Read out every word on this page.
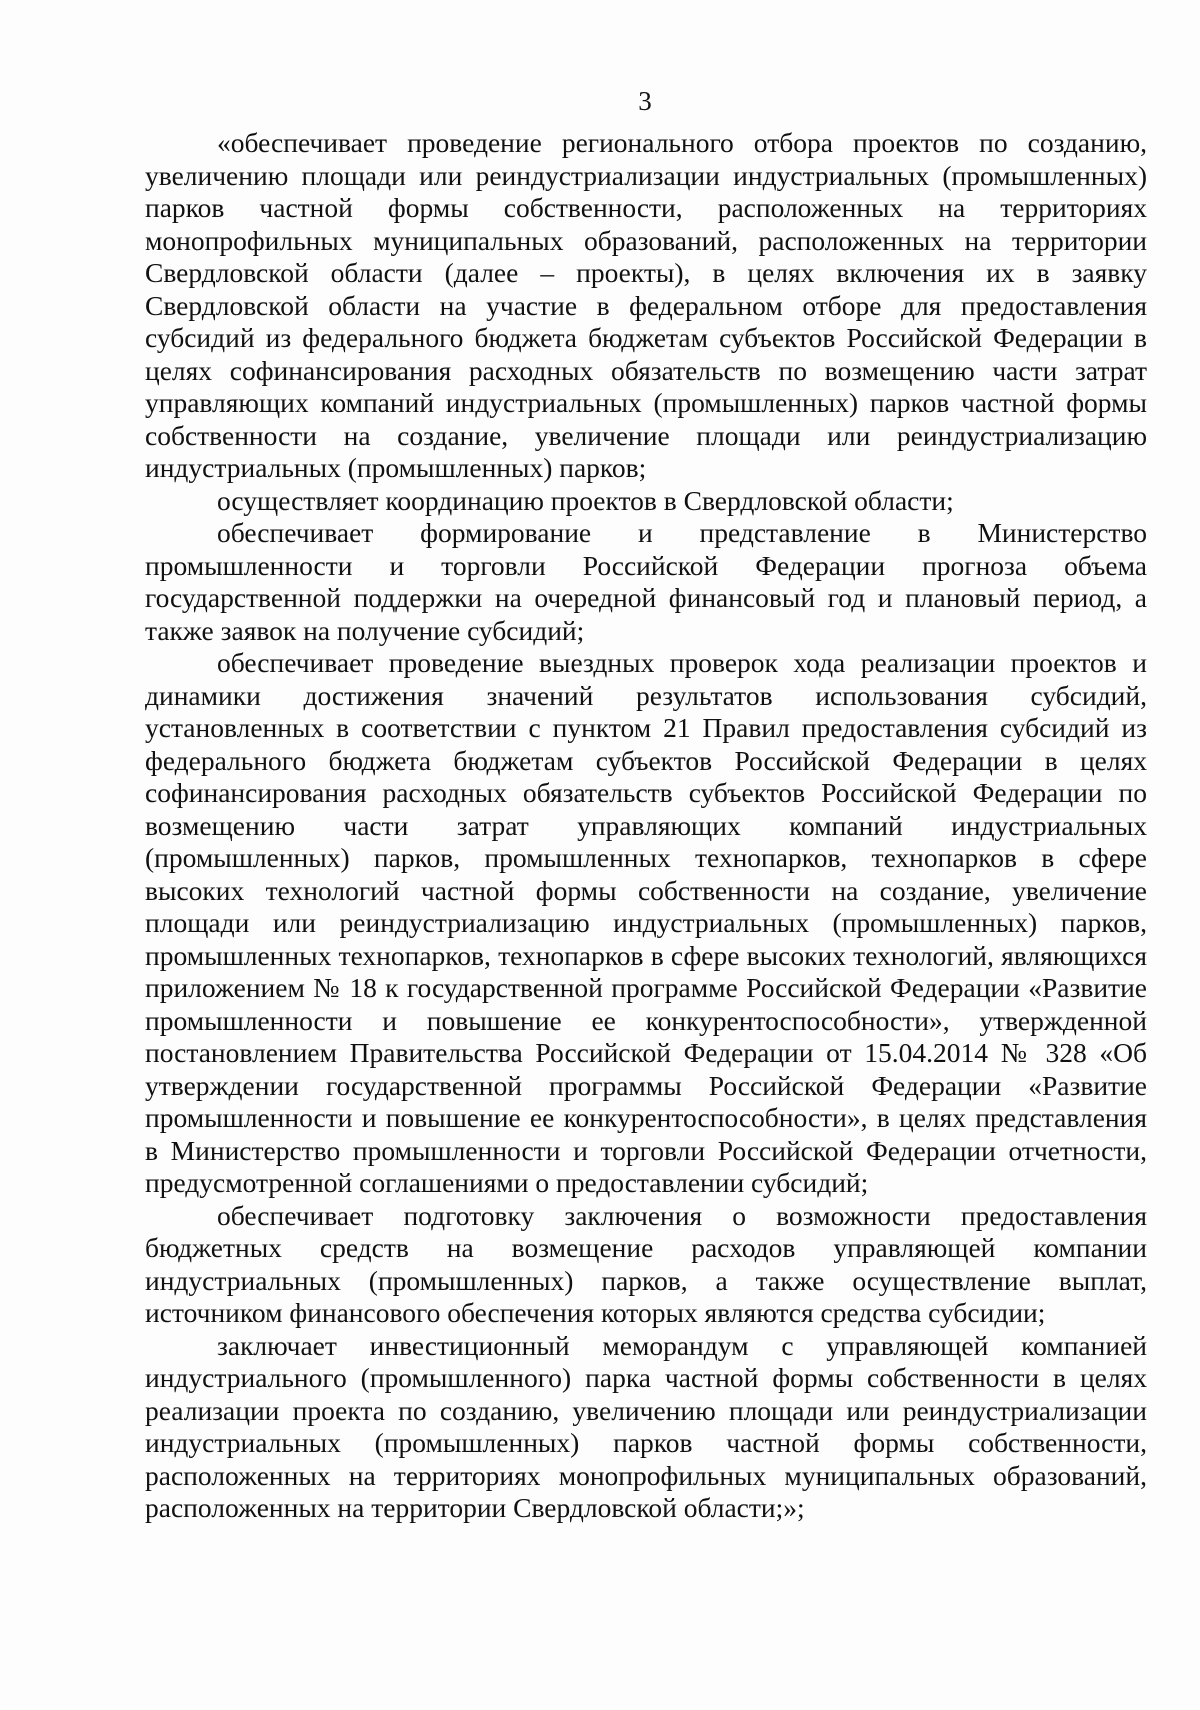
3

«обеспечивает проведение регионального отбора проектов по созданию, увеличению площади или реиндустриализации индустриальных (промышленных) парков частной формы собственности, расположенных на территориях монопрофильных муниципальных образований, расположенных на территории Свердловской области (далее – проекты), в целях включения их в заявку Свердловской области на участие в федеральном отборе для предоставления субсидий из федерального бюджета бюджетам субъектов Российской Федерации в целях софинансирования расходных обязательств по возмещению части затрат управляющих компаний индустриальных (промышленных) парков частной формы собственности на создание, увеличение площади или реиндустриализацию индустриальных (промышленных) парков;

осуществляет координацию проектов в Свердловской области;

обеспечивает формирование и представление в Министерство промышленности и торговли Российской Федерации прогноза объема государственной поддержки на очередной финансовый год и плановый период, а также заявок на получение субсидий;

обеспечивает проведение выездных проверок хода реализации проектов и динамики достижения значений результатов использования субсидий, установленных в соответствии с пунктом 21 Правил предоставления субсидий из федерального бюджета бюджетам субъектов Российской Федерации в целях софинансирования расходных обязательств субъектов Российской Федерации по возмещению части затрат управляющих компаний индустриальных (промышленных) парков, промышленных технопарков, технопарков в сфере высоких технологий частной формы собственности на создание, увеличение площади или реиндустриализацию индустриальных (промышленных) парков, промышленных технопарков, технопарков в сфере высоких технологий, являющихся приложением № 18 к государственной программе Российской Федерации «Развитие промышленности и повышение ее конкурентоспособности», утвержденной постановлением Правительства Российской Федерации от 15.04.2014 № 328 «Об утверждении государственной программы Российской Федерации «Развитие промышленности и повышение ее конкурентоспособности», в целях представления в Министерство промышленности и торговли Российской Федерации отчетности, предусмотренной соглашениями о предоставлении субсидий;

обеспечивает подготовку заключения о возможности предоставления бюджетных средств на возмещение расходов управляющей компании индустриальных (промышленных) парков, а также осуществление выплат, источником финансового обеспечения которых являются средства субсидии;

заключает инвестиционный меморандум с управляющей компанией индустриального (промышленного) парка частной формы собственности в целях реализации проекта по созданию, увеличению площади или реиндустриализации индустриальных (промышленных) парков частной формы собственности, расположенных на территориях монопрофильных муниципальных образований, расположенных на территории Свердловской области;»;
